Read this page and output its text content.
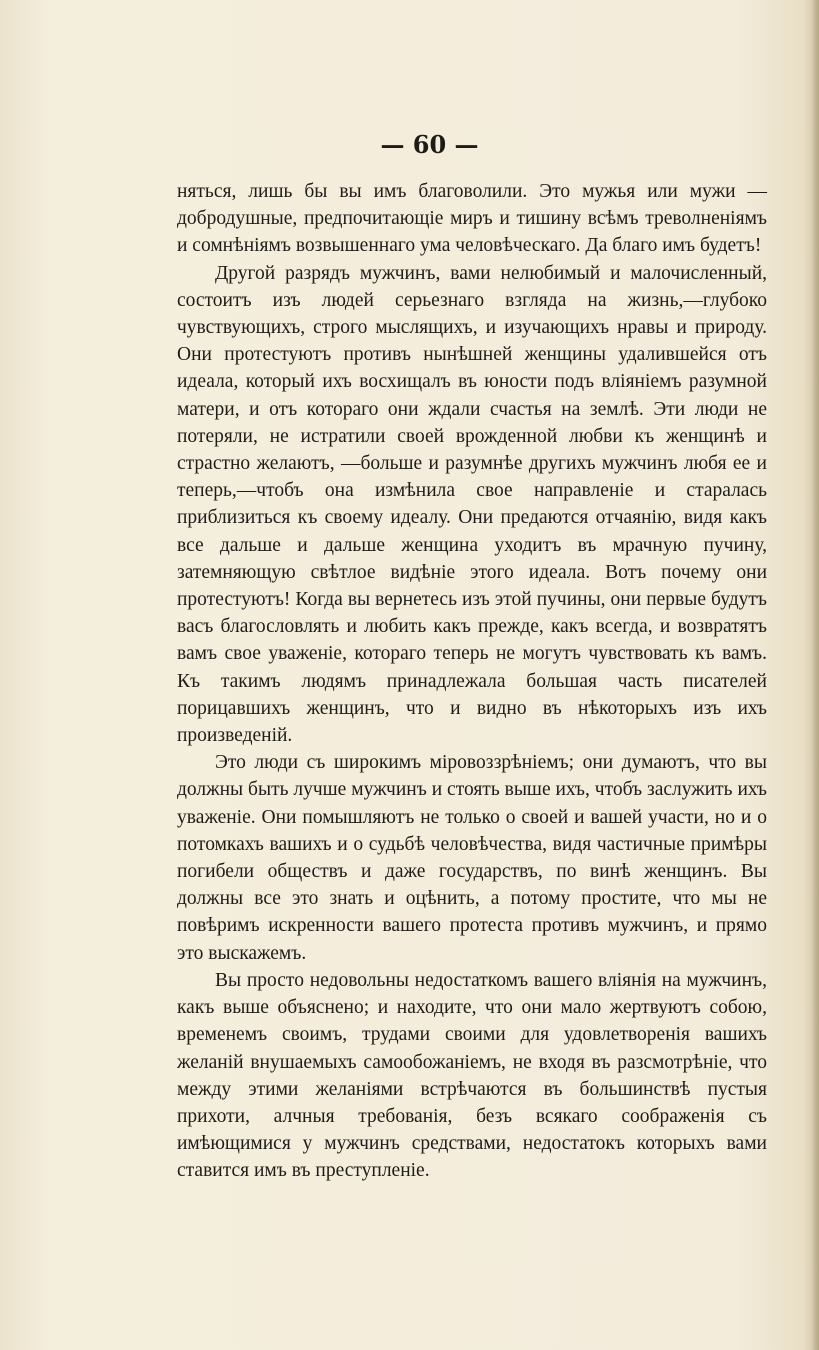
— 60 —

няться, лишь бы вы имъ благоволили. Это мужья или мужи — добродушные, предпочитающіе миръ и тишину всѣмъ треволненіямъ и сомнѣніямъ возвышеннаго ума человѣческаго. Да благо имъ будетъ!

Другой разрядъ мужчинъ, вами нелюбимый и малочисленный, состоитъ изъ людей серьезнаго взгляда на жизнь,—глубоко чувствующихъ, строго мыслящихъ, и изучающихъ нравы и природу. Они протестуютъ противъ нынѣшней женщины удалившейся отъ идеала, который ихъ восхищалъ въ юности подъ вліяніемъ разумной матери, и отъ котораго они ждали счастья на землѣ. Эти люди не потеряли, не истратили своей врожденной любви къ женщинѣ и страстно желаютъ, —больше и разумнѣе другихъ мужчинъ любя ее и теперь,—чтобъ она измѣнила свое направленіе и старалась приблизиться къ своему идеалу. Они предаются отчаянію, видя какъ все дальше и дальше женщина уходитъ въ мрачную пучину, затемняющую свѣтлое видѣніе этого идеала. Вотъ почему они протестуютъ! Когда вы вернетесь изъ этой пучины, они первые будутъ васъ благословлять и любить какъ прежде, какъ всегда, и возвратятъ вамъ свое уваженіе, котораго теперь не могутъ чувствовать къ вамъ. Къ такимъ людямъ принадлежала большая часть писателей порицавшихъ женщинъ, что и видно въ нѣкоторыхъ изъ ихъ произведеній.

Это люди съ широкимъ міровоззрѣніемъ; они думаютъ, что вы должны быть лучше мужчинъ и стоять выше ихъ, чтобъ заслужить ихъ уваженіе. Они помышляютъ не только о своей и вашей участи, но и о потомкахъ вашихъ и о судьбѣ человѣчества, видя частичные примѣры погибели обществъ и даже государствъ, по винѣ женщинъ. Вы должны все это знать и оцѣнить, а потому простите, что мы не повѣримъ искренности вашего протеста противъ мужчинъ, и прямо это выскажемъ.

Вы просто недовольны недостаткомъ вашего вліянія на мужчинъ, какъ выше объяснено; и находите, что они мало жертвуютъ собою, временемъ своимъ, трудами своими для удовлетворенія вашихъ желаній внушаемыхъ самообожаніемъ, не входя въ разсмотрѣніе, что между этими желаніями встрѣчаются въ большинствѣ пустыя прихоти, алчныя требованія, безъ всякаго соображенія съ имѣющимися у мужчинъ средствами, недостатокъ которыхъ вами ставится имъ въ преступленіе.
